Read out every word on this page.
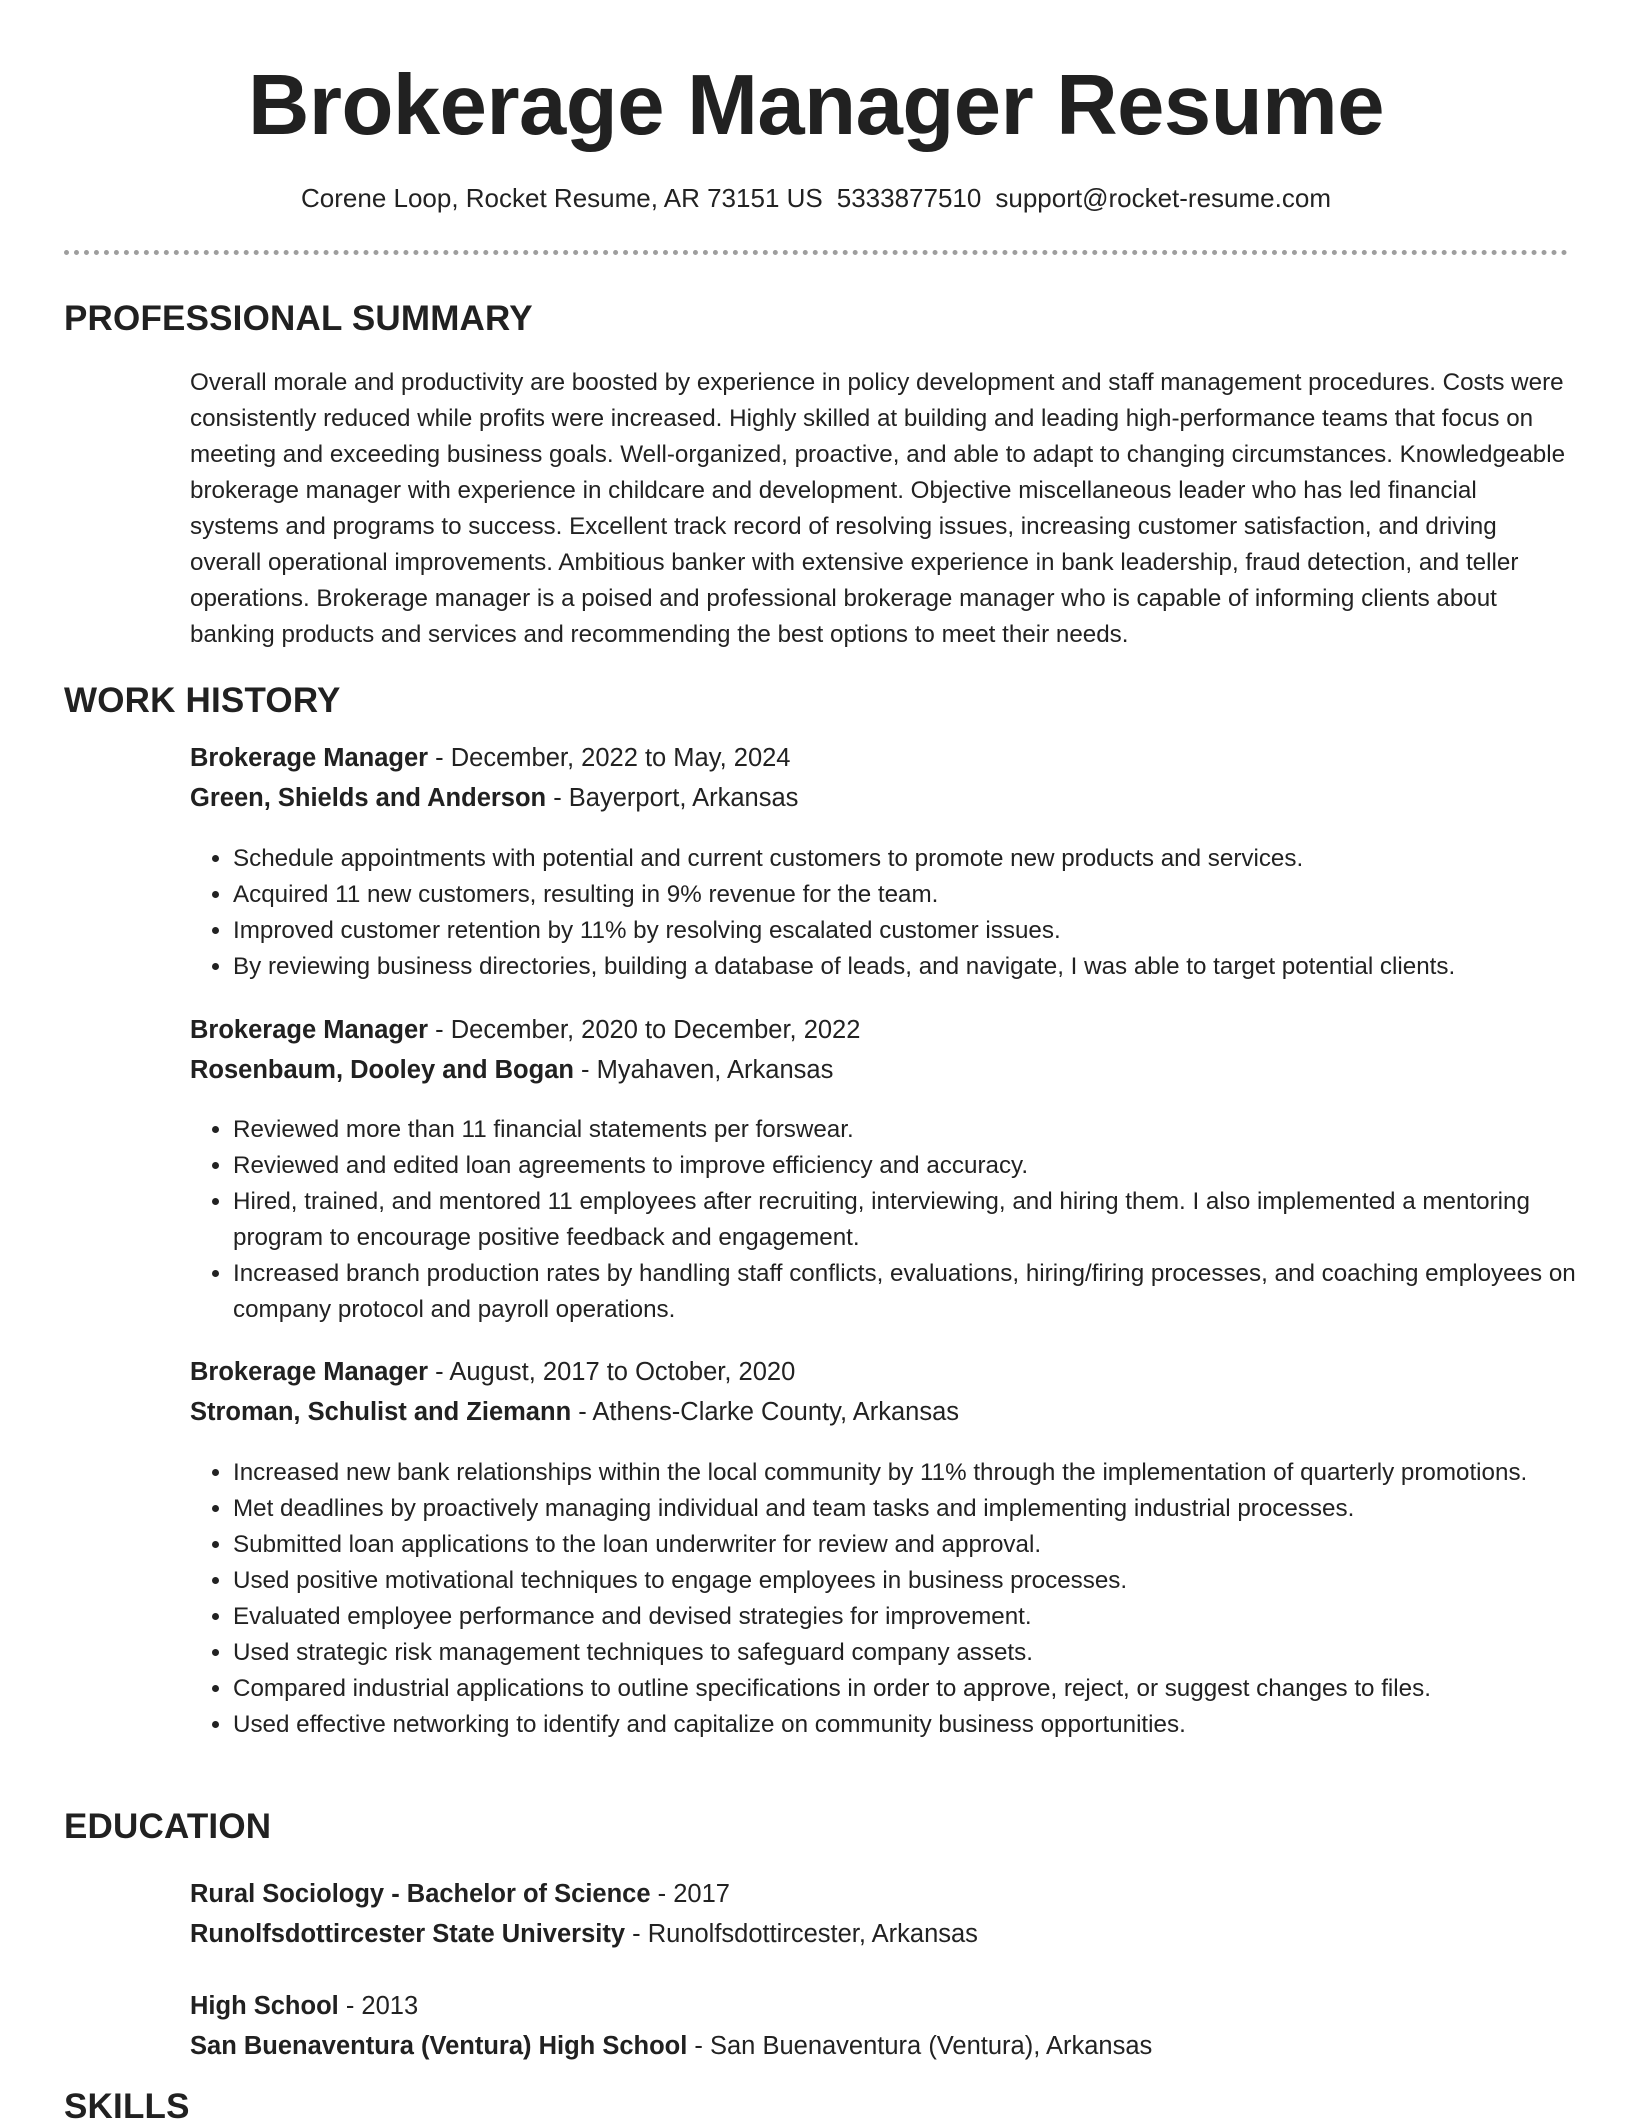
Brokerage Manager Resume
Corene Loop, Rocket Resume, AR 73151 US 5333877510 support@rocket-resume.com
PROFESSIONAL SUMMARY

Overall morale and productivity are boosted by experience in policy development and staff management procedures. Costs were consistently reduced while profits were increased. Highly skilled at building and leading high-performance teams that focus on meeting and exceeding business goals. Well-organized, proactive, and able to adapt to changing circumstances. Knowledgeable brokerage manager with experience in childcare and development. Objective miscellaneous leader who has led financial systems and programs to success. Excellent track record of resolving issues, increasing customer satisfaction, and driving overall operational improvements. Ambitious banker with extensive experience in bank leadership, fraud detection, and teller operations. Brokerage manager is a poised and professional brokerage manager who is capable of informing clients about banking products and services and recommending the best options to meet their needs.

WORK HISTORY
Brokerage Manager - December, 2022 to May, 2024
Green, Shields and Anderson - Bayerport, Arkansas
• Schedule appointments with potential and current customers to promote new products and services.
• Acquired 11 new customers, resulting in 9% revenue for the team.
• Improved customer retention by 11% by resolving escalated customer issues.
• By reviewing business directories, building a database of leads, and navigate, I was able to target potential clients.
Brokerage Manager - December, 2020 to December, 2022
Rosenbaum, Dooley and Bogan - Myahaven, Arkansas
• Reviewed more than 11 financial statements per forswear.
• Reviewed and edited loan agreements to improve efficiency and accuracy.
• Hired, trained, and mentored 11 employees after recruiting, interviewing, and hiring them. I also implemented a mentoring program to encourage positive feedback and engagement.
• Increased branch production rates by handling staff conflicts, evaluations, hiring/firing processes, and coaching employees on company protocol and payroll operations.
Brokerage Manager - August, 2017 to October, 2020
Stroman, Schulist and Ziemann - Athens-Clarke County, Arkansas
• Increased new bank relationships within the local community by 11% through the implementation of quarterly promotions.
• Met deadlines by proactively managing individual and team tasks and implementing industrial processes.
• Submitted loan applications to the loan underwriter for review and approval.
• Used positive motivational techniques to engage employees in business processes.
• Evaluated employee performance and devised strategies for improvement.
• Used strategic risk management techniques to safeguard company assets.
• Compared industrial applications to outline specifications in order to approve, reject, or suggest changes to files.
• Used effective networking to identify and capitalize on community business opportunities.
EDUCATION
Rural Sociology - Bachelor of Science - 2017
Runolfsdottircester State University - Runolfsdottircester, Arkansas
High School - 2013
San Buenaventura (Ventura) High School - San Buenaventura (Ventura), Arkansas
SKILLS
